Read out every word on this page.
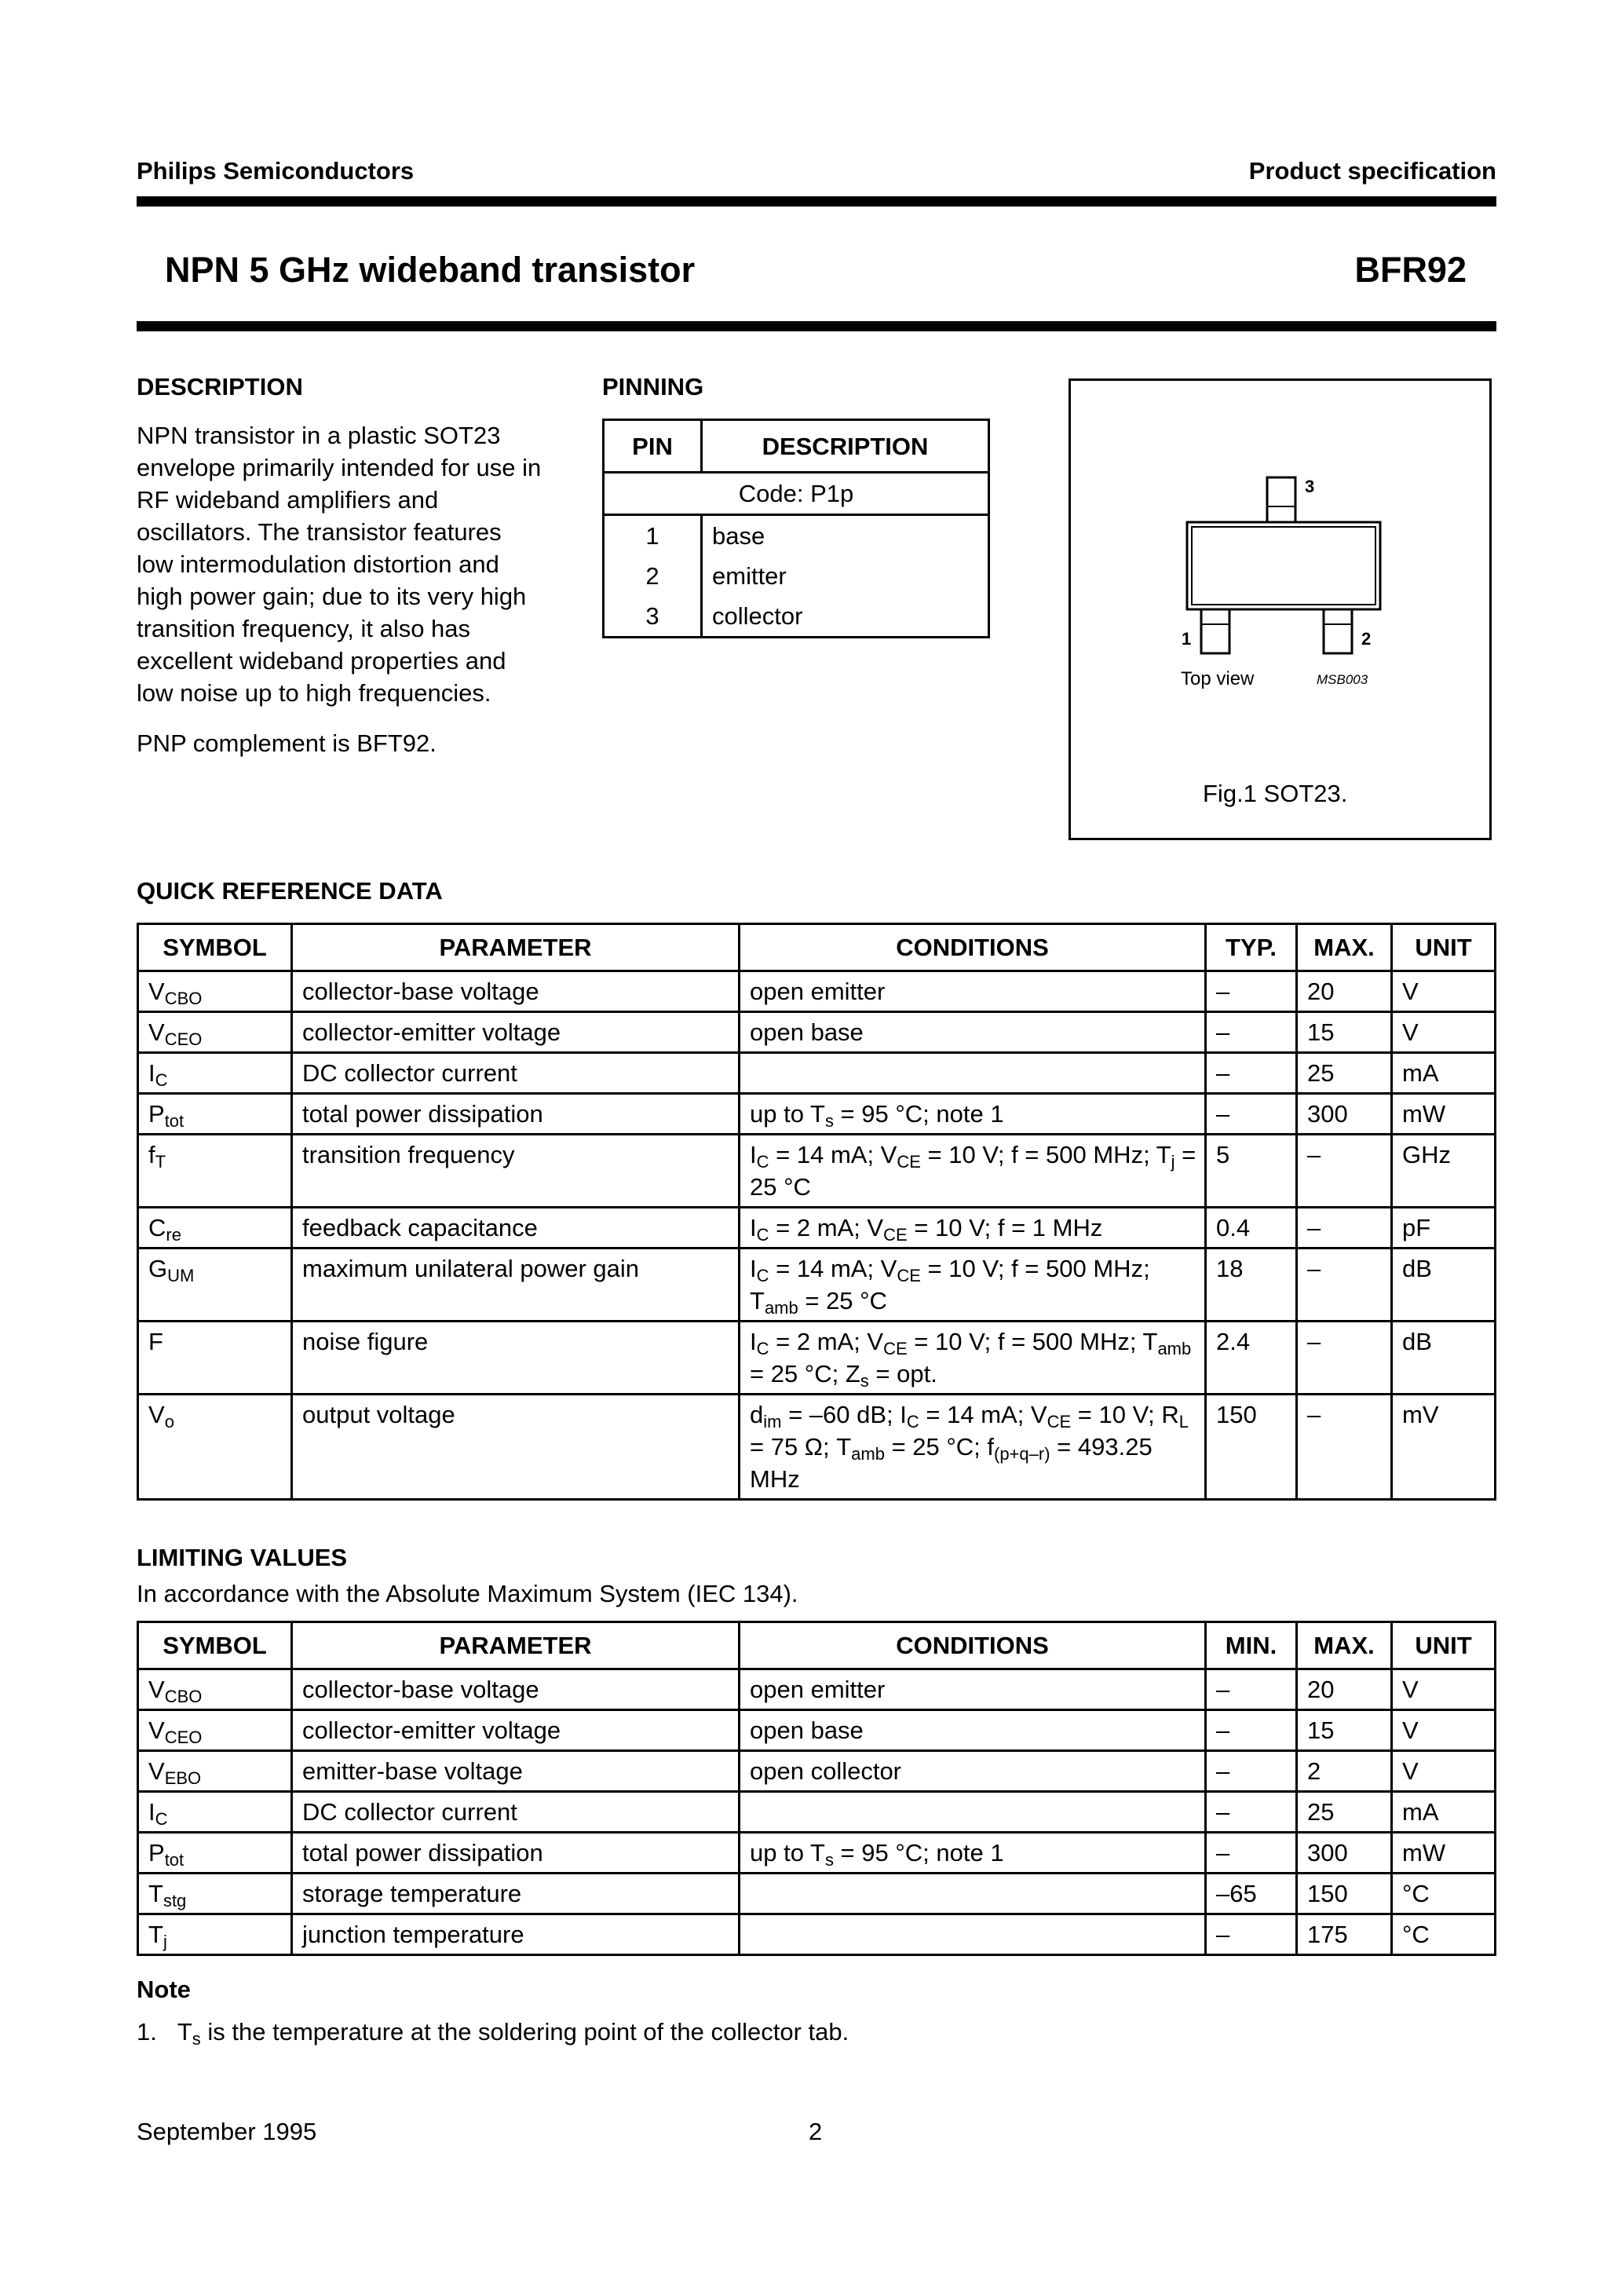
Philips Semiconductors	Product specification
NPN 5 GHz wideband transistor	BFR92
DESCRIPTION
NPN transistor in a plastic SOT23
envelope primarily intended for use in
RF wideband amplifiers and
oscillators. The transistor features
low intermodulation distortion and
high power gain; due to its very high
transition frequency, it also has
excellent wideband properties and
low noise up to high frequencies.
PNP complement is BFT92.
PINNING
PIN	DESCRIPTION
Code: P1p	
1	base
2	emitter
3	collector
3
1	2
Top view	MSB003
Fig.1 SOT23.
QUICK REFERENCE DATA
SYMBOL	PARAMETER	CONDITIONS	TYP.	MAX.	UNIT
$V_{CBO}$	collector-base voltage	open emitter	–	20	V
$V_{CEO}$	collector-emitter voltage	open base	–	15	V
$I_C$	DC collector current		–	25	mA
$P_{tot}$	total power dissipation	up to $T_s = 95$ °C; note 1	–	300	mW
$f_T$	transition frequency	$I_C = 14$ mA; $V_{CE} = 10$ V; f = 500 MHz; $T_j = 25$ °C	5	–	GHz
$C_{re}$	feedback capacitance	$I_C = 2$ mA; $V_{CE} = 10$ V; f = 1 MHz	0.4	–	pF
$G_{UM}$	maximum unilateral power gain	$I_C = 14$ mA; $V_{CE} = 10$ V; f = 500 MHz; $T_{amb} = 25$ °C	18	–	dB
F	noise figure	$I_C = 2$ mA; $V_{CE} = 10$ V; f = 500 MHz; $T_{amb} = 25$ °C; $Z_s$ = opt.	2.4	–	dB
$V_o$	output voltage	$d_{im} = -60$ dB; $I_C = 14$ mA; $V_{CE} = 10$ V; $R_L = 75$ Ω; $T_{amb} = 25$ °C; $f_{(p+q-r)} = 493.25$ MHz	150	–	mV
LIMITING VALUES
In accordance with the Absolute Maximum System (IEC 134).
SYMBOL	PARAMETER	CONDITIONS	MIN.	MAX.	UNIT
$V_{CBO}$	collector-base voltage	open emitter	–	20	V
$V_{CEO}$	collector-emitter voltage	open base	–	15	V
$V_{EBO}$	emitter-base voltage	open collector	–	2	V
$I_C$	DC collector current		–	25	mA
$P_{tot}$	total power dissipation	up to $T_s = 95$ °C; note 1	–	300	mW
$T_{stg}$	storage temperature		–65	150	°C
$T_j$	junction temperature		–	175	°C
Note
1. $T_s$ is the temperature at the soldering point of the collector tab.
September 1995	2
